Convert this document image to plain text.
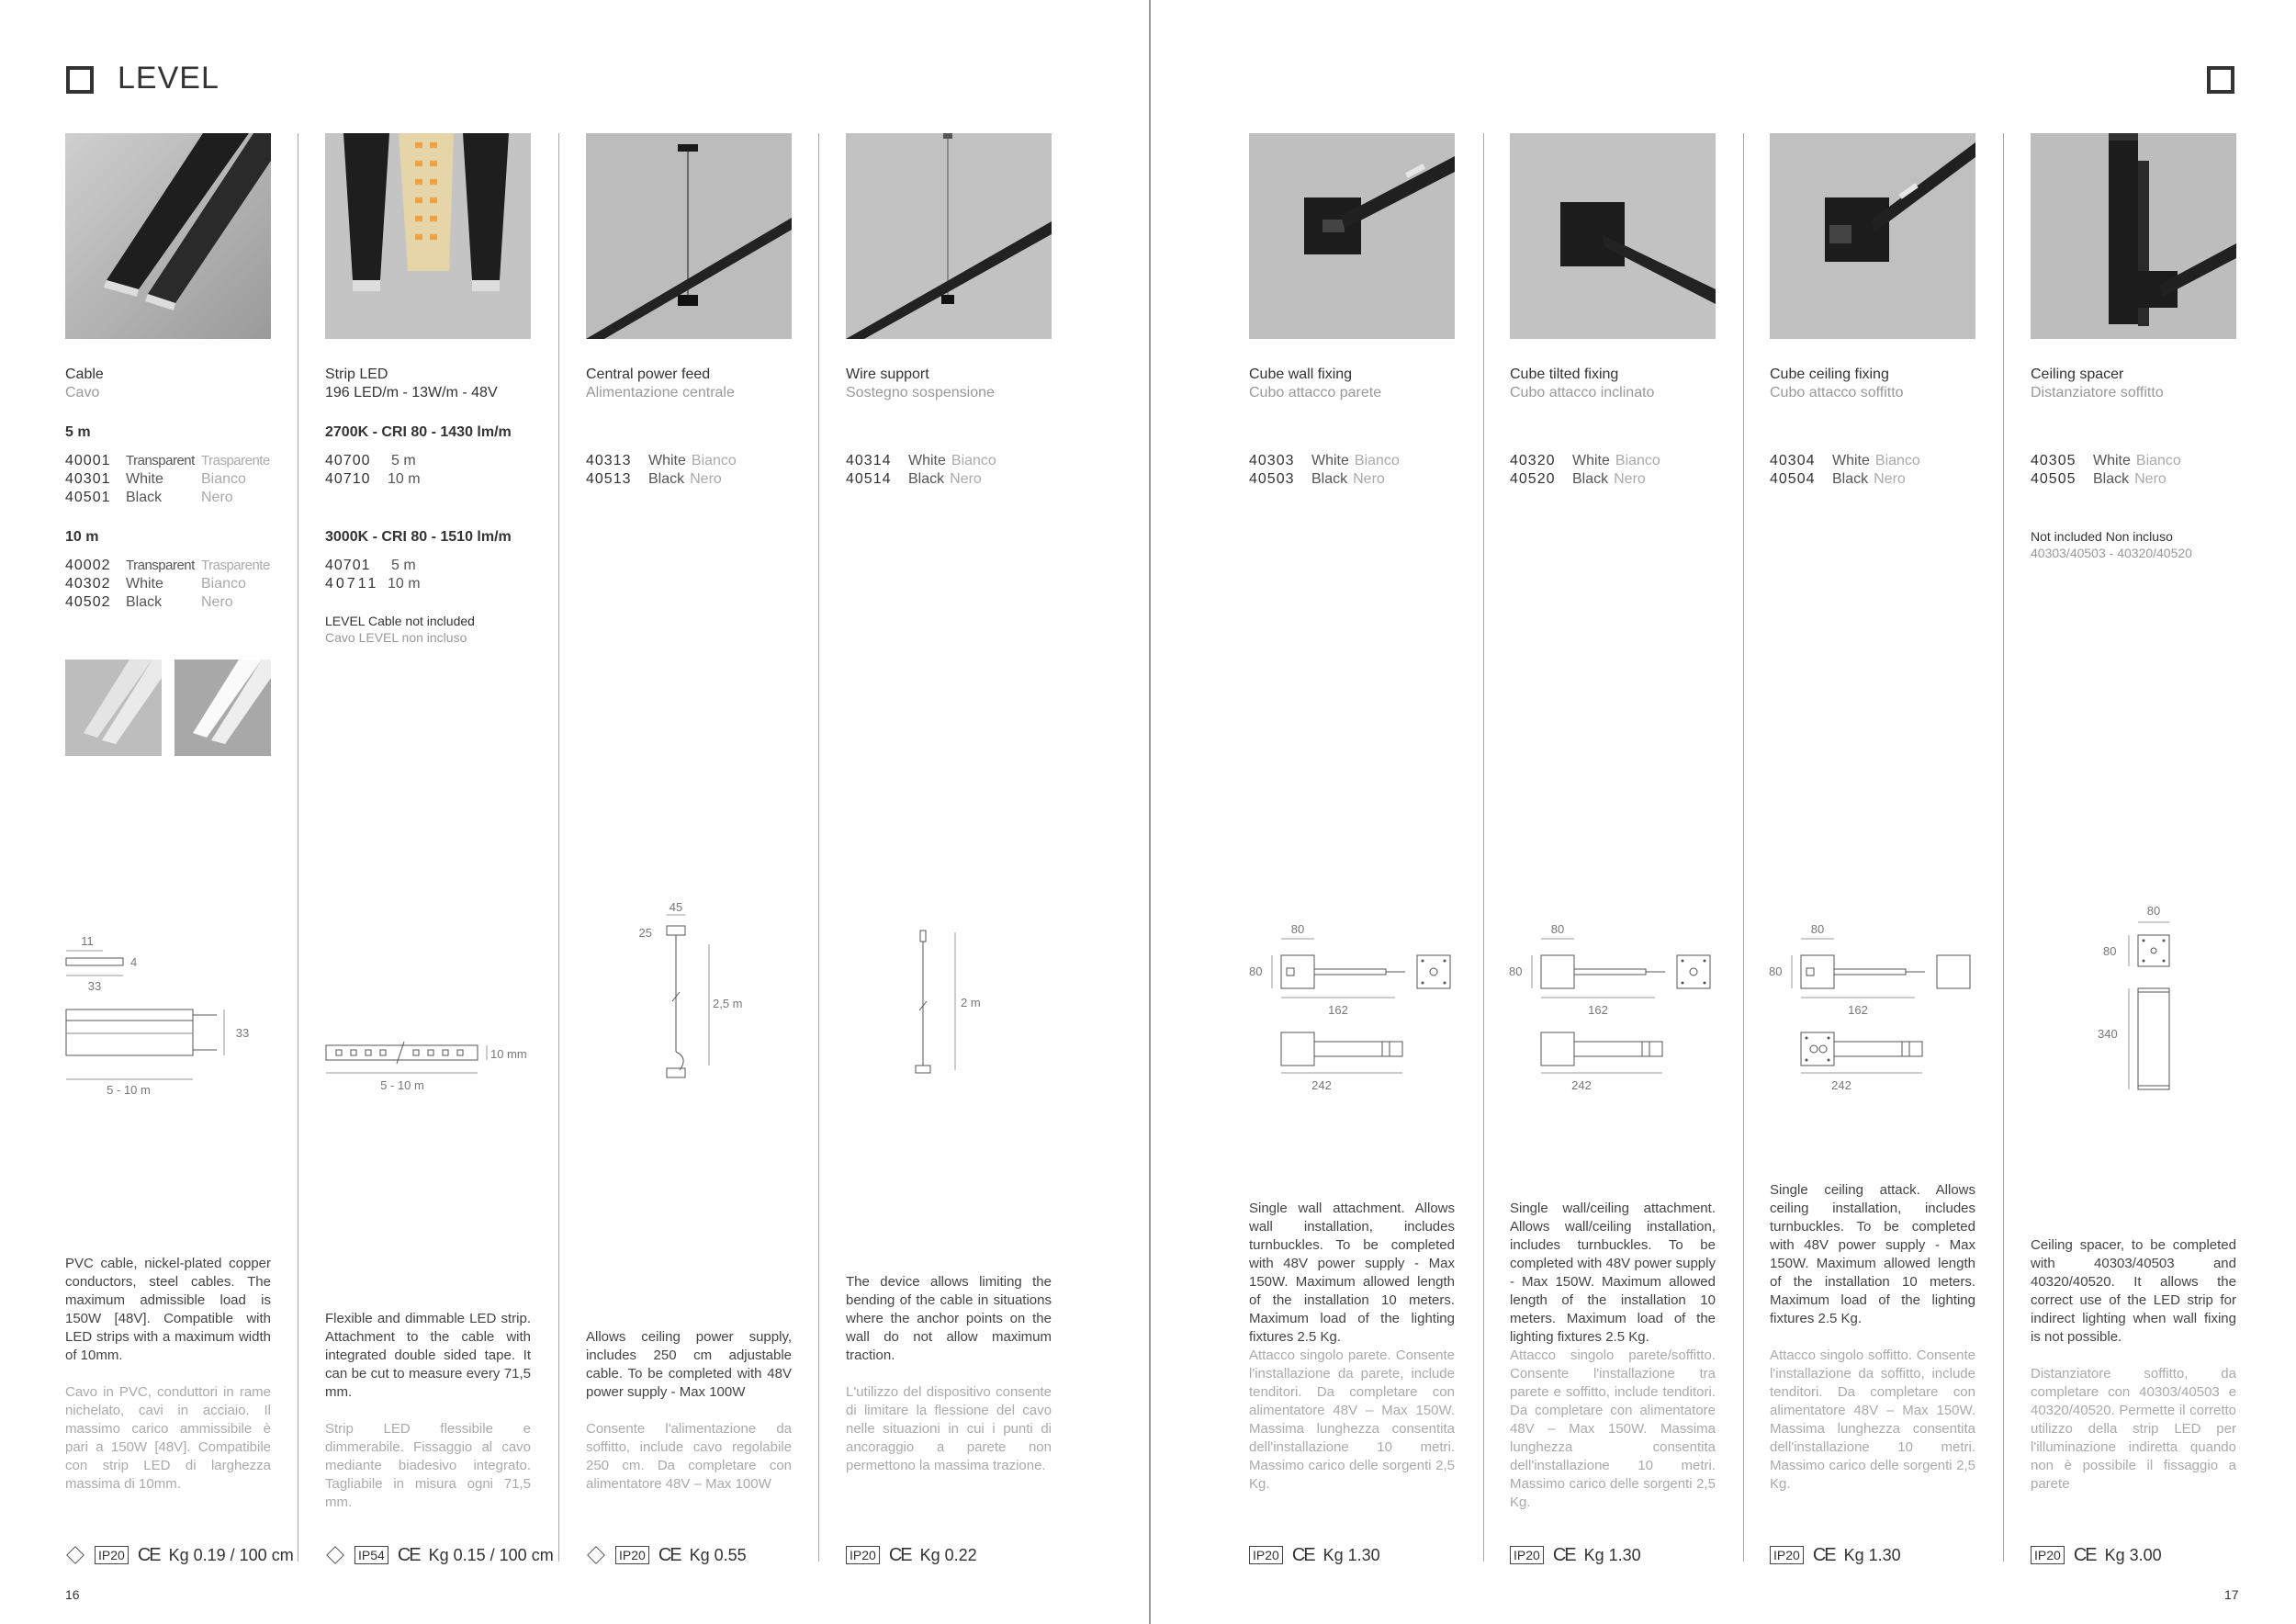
LEVEL
Cable
Cavo
5 m
40001 Transparent Trasparente
40301 White	Bianco
40501 Black	Nero
10 m
40002 Transparent Trasparente
40302 White	Bianco
40502 Black	Nero
11
4
33
33
5 - 10 m
PVC cable, nickel-plated copper conductors, steel cables. The maximum admissible load is 150W [48V]. Compatible with LED strips with a maximum width of 10mm.
Cavo in PVC, conduttori in rame nichelato, cavi in acciaio. Il massimo carico ammissibile è pari a 150W [48V]. Compatibile con strip LED di larghezza massima di 10mm.
IP20 CE Kg 0.19 / 100 cm
Strip LED
196 LED/m - 13W/m - 48V
2700K - CRI 80 - 1430 lm/m
40700 5 m
40710 10 m
3000K - CRI 80 - 1510 lm/m
40701 5 m
40711 10 m
LEVEL Cable not included
Cavo LEVEL non incluso
10 mm
5 - 10 m
Flexible and dimmable LED strip. Attachment to the cable with integrated double sided tape. It can be cut to measure every 71,5 mm.
Strip LED flessibile e dimmerabile. Fissaggio al cavo mediante biadesivo integrato. Tagliabile in misura ogni 71,5 mm.
IP54 CE Kg 0.15 / 100 cm
Central power feed
Alimentazione centrale
40313 White Bianco
40513 Black Nero
45
25
2,5 m
Allows ceiling power supply, includes 250 cm adjustable cable. To be completed with 48V power supply - Max 100W
Consente l'alimentazione da soffitto, include cavo regolabile 250 cm. Da completare con alimentatore 48V – Max 100W
IP20 CE Kg 0.55
Wire support
Sostegno sospensione
40314 White Bianco
40514 Black Nero
2 m
The device allows limiting the bending of the cable in situations where the anchor points on the wall do not allow maximum traction.
L'utilizzo del dispositivo consente di limitare la flessione del cavo nelle situazioni in cui i punti di ancoraggio a parete non permettono la massima trazione.
IP20 CE Kg 0.22
Cube wall fixing
Cubo attacco parete
40303 White Bianco
40503 Black Nero
80
80
162
242
Single wall attachment. Allows wall installation, includes turnbuckles. To be completed with 48V power supply - Max 150W. Maximum allowed length of the installation 10 meters. Maximum load of the lighting fixtures 2.5 Kg.
Attacco singolo parete. Consente l'installazione da parete, include tenditori. Da completare con alimentatore 48V – Max 150W. Massima lunghezza consentita dell'installazione 10 metri. Massimo carico delle sorgenti 2,5 Kg.
IP20 CE Kg 1.30
Cube tilted fixing
Cubo attacco inclinato
40320 White Bianco
40520 Black Nero
80
80
162
242
Single wall/ceiling attachment. Allows wall/ceiling installation, includes turnbuckles. To be completed with 48V power supply - Max 150W. Maximum allowed length of the installation 10 meters. Maximum load of the lighting fixtures 2.5 Kg.
Attacco singolo parete/soffitto. Consente l'installazione tra parete e soffitto, include tenditori. Da completare con alimentatore 48V – Max 150W. Massima lunghezza consentita dell'installazione 10 metri. Massimo carico delle sorgenti 2,5 Kg.
IP20 CE Kg 1.30
Cube ceiling fixing
Cubo attacco soffitto
40304 White Bianco
40504 Black Nero
80
80
162
242
Single ceiling attack. Allows ceiling installation, includes turnbuckles. To be completed with 48V power supply - Max 150W. Maximum allowed length of the installation 10 meters. Maximum load of the lighting fixtures 2.5 Kg.
Attacco singolo soffitto. Consente l'installazione da soffitto, include tenditori. Da completare con alimentatore 48V – Max 150W. Massima lunghezza consentita dell'installazione 10 metri. Massimo carico delle sorgenti 2,5 Kg.
IP20 CE Kg 1.30
Ceiling spacer
Distanziatore soffitto
40305 White Bianco
40505 Black Nero
Not included Non incluso
40303/40503 - 40320/40520
80
80
340
Ceiling spacer, to be completed with 40303/40503 and 40320/40520. It allows the correct use of the LED strip for indirect lighting when wall fixing is not possible.
Distanziatore soffitto, da completare con 40303/40503 e 40320/40520. Permette il corretto utilizzo della strip LED per l'illuminazione indiretta quando non è possibile il fissaggio a parete
IP20 CE Kg 3.00
16	17
